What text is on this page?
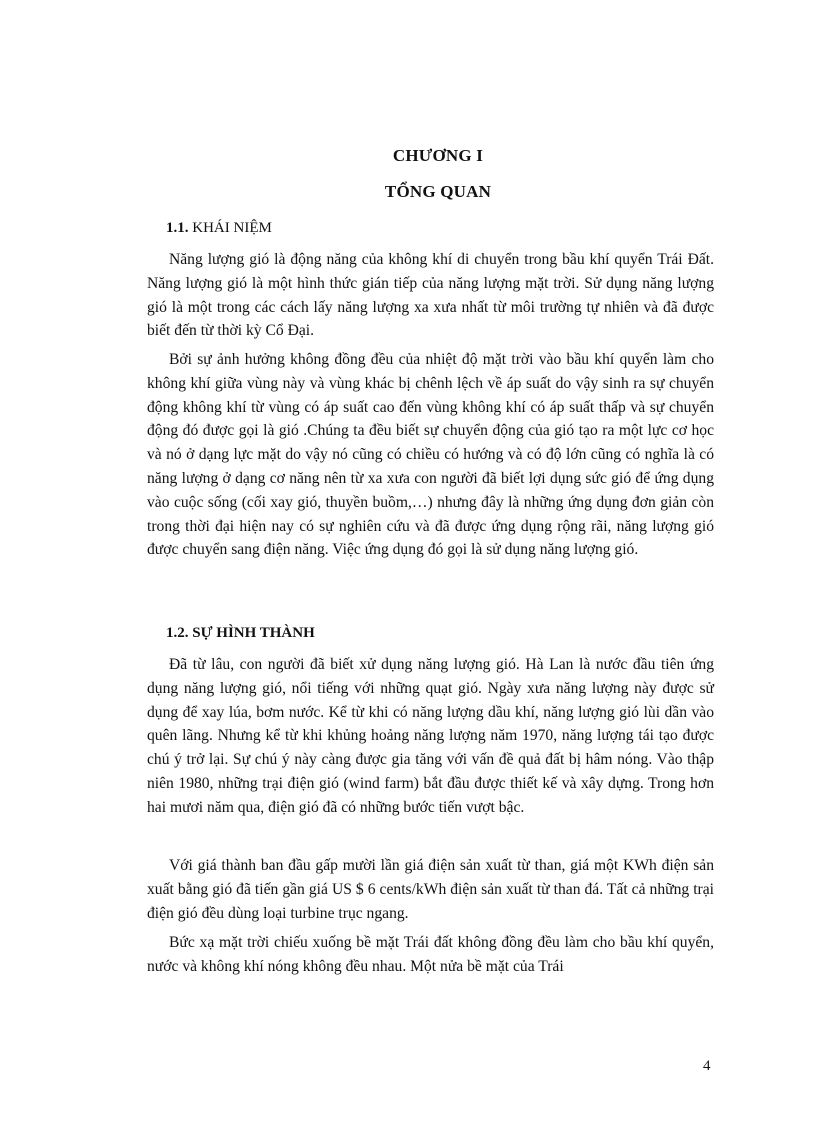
CHƯƠNG I
TỔNG QUAN
1.1. KHÁI NIỆM

Năng lượng gió là động năng của không khí di chuyển trong bầu khí quyển Trái Đất. Năng lượng gió là một hình thức gián tiếp của năng lượng mặt trời. Sử dụng năng lượng gió là một trong các cách lấy năng lượng xa xưa nhất từ môi trường tự nhiên và đã được biết đến từ thời kỳ Cổ Đại.

Bởi sự ảnh hưởng không đồng đều của nhiệt độ mặt trời vào bầu khí quyển làm cho không khí giữa vùng này và vùng khác bị chênh lệch về áp suất do vậy sinh ra sự chuyển động không khí từ vùng có áp suất cao đến vùng không khí có áp suất thấp và sự chuyển động đó được gọi là gió .Chúng ta đều biết sự chuyển động của gió tạo ra một lực cơ học và nó ở dạng lực mặt do vậy nó cũng có chiều có hướng và có độ lớn cũng có nghĩa là có năng lượng ở dạng cơ năng nên từ xa xưa con người đã biết lợi dụng sức gió để ứng dụng vào cuộc sống (cối xay gió, thuyền buồm,…) nhưng đây là những ứng dụng đơn giản còn trong thời đại hiện nay có sự nghiên cứu và đã được ứng dụng rộng rãi, năng lượng gió được chuyển sang điện năng. Việc ứng dụng đó gọi là sử dụng năng lượng gió.

1.2. SỰ HÌNH THÀNH

Đã từ lâu, con người đã biết xử dụng năng lượng gió. Hà Lan là nước đầu tiên ứng dụng năng lượng gió, nổi tiếng với những quạt gió. Ngày xưa năng lượng này được sử dụng để xay lúa, bơm nước. Kể từ khi có năng lượng dầu khí, năng lượng gió lùi dần vào quên lãng. Nhưng kể từ khi khủng hoảng năng lượng năm 1970, năng lượng tái tạo được chú ý trở lại. Sự chú ý này càng được gia tăng với vấn đề quả đất bị hâm nóng. Vào thập niên 1980, những trại điện gió (wind farm) bắt đầu được thiết kế và xây dựng. Trong hơn hai mươi năm qua, điện gió đã có những bước tiến vượt bậc.

Với giá thành ban đầu gấp mười lần giá điện sản xuất từ than, giá một KWh điện sản xuất bằng gió đã tiến gần giá US $ 6 cents/kWh điện sản xuất từ than đá. Tất cả những trại điện gió đều dùng loại turbine trục ngang.

Bức xạ mặt trời chiếu xuống bề mặt Trái đất không đồng đều làm cho bầu khí quyển, nước và không khí nóng không đều nhau. Một nửa bề mặt của Trái

4
